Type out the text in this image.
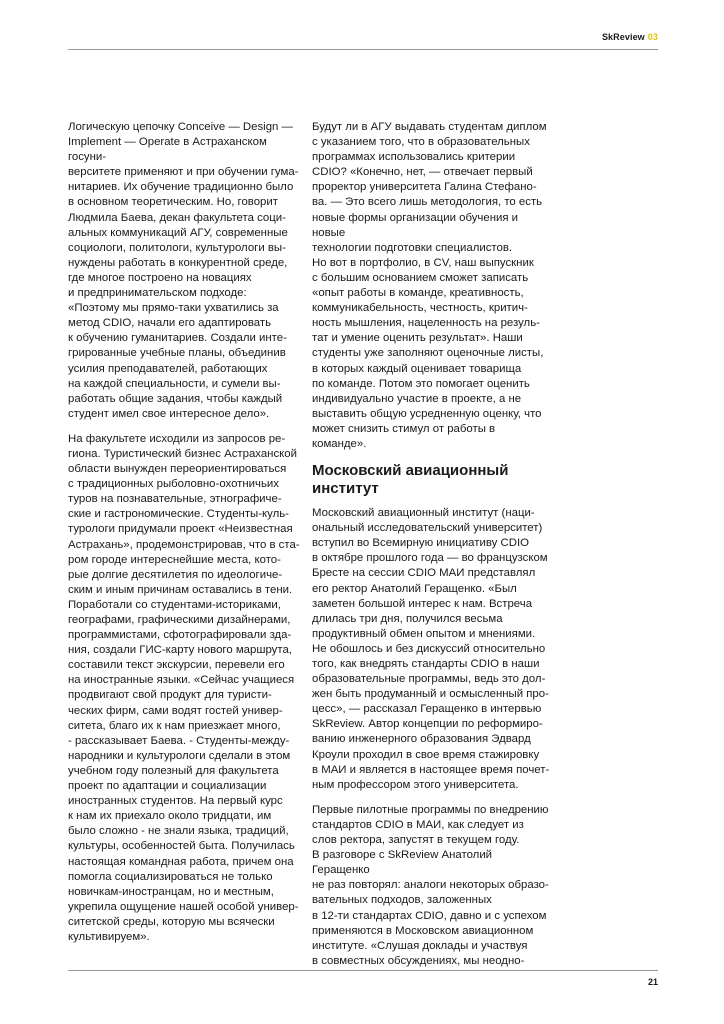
SkReview 03

Логическую цепочку Conceive — Design —
Implement — Operate в Астраханском госуни-
верситете применяют и при обучении гума-
нитариев. Их обучение традиционно было
в основном теоретическим. Но, говорит
Людмила Баева, декан факультета соци-
альных коммуникаций АГУ, современные
социологи, политологи, культурологи вы-
нуждены работать в конкурентной среде,
где многое построено на новациях
и предпринимательском подходе:
«Поэтому мы прямо-таки ухватились за
метод CDIO, начали его адаптировать
к обучению гуманитариев. Создали инте-
грированные учебные планы, объединив
усилия преподавателей, работающих
на каждой специальности, и сумели вы-
работать общие задания, чтобы каждый
студент имел свое интересное дело».

На факультете исходили из запросов ре-
гиона. Туристический бизнес Астраханской
области вынужден переориентироваться
с традиционных рыболовно-охотничьих
туров на познавательные, этнографиче-
ские и гастрономические. Студенты-куль-
турологи придумали проект «Неизвестная
Астрахань», продемонстрировав, что в ста-
ром городе интереснейшие места, кото-
рые долгие десятилетия по идеологиче-
ским и иным причинам оставались в тени.
Поработали со студентами-историками,
географами, графическими дизайнерами,
программистами, сфотографировали зда-
ния, создали ГИС-карту нового маршрута,
составили текст экскурсии, перевели его
на иностранные языки. «Сейчас учащиеся
продвигают свой продукт для туристи-
ческих фирм, сами водят гостей универ-
ситета, благо их к нам приезжает много,
- рассказывает Баева. - Студенты-между-
народники и культурологи сделали в этом
учебном году полезный для факультета
проект по адаптации и социализации
иностранных студентов. На первый курс
к нам их приехало около тридцати, им
было сложно - не знали языка, традиций,
культуры, особенностей быта. Получилась
настоящая командная работа, причем она
помогла социализироваться не только
новичкам-иностранцам, но и местным,
укрепила ощущение нашей особой универ-
ситетской среды, которую мы всячески
культивируем».

Будут ли в АГУ выдавать студентам диплом
с указанием того, что в образовательных
программах использовались критерии
CDIO? «Конечно, нет, — отвечает первый
проректор университета Галина Стефано-
ва. — Это всего лишь методология, то есть
новые формы организации обучения и новые
технологии подготовки специалистов.
Но вот в портфолио, в CV, наш выпускник
с большим основанием сможет записать
«опыт работы в команде, креативность,
коммуникабельность, честность, критич-
ность мышления, нацеленность на резуль-
тат и умение оценить результат». Наши
студенты уже заполняют оценочные листы,
в которых каждый оценивает товарища
по команде. Потом это помогает оценить
индивидуально участие в проекте, а не
выставить общую усредненную оценку, что
может снизить стимул от работы в команде».

Московский авиационный
институт

Московский авиационный институт (наци-
ональный исследовательский университет)
вступил во Всемирную инициативу CDIO
в октябре прошлого года — во французском
Бресте на сессии CDIO МАИ представлял
его ректор Анатолий Геращенко. «Был
заметен большой интерес к нам. Встреча
длилась три дня, получился весьма
продуктивный обмен опытом и мнениями.
Не обошлось и без дискуссий относительно
того, как внедрять стандарты CDIO в наши
образовательные программы, ведь это дол-
жен быть продуманный и осмысленный про-
цесс», — рассказал Геращенко в интервью
SkReview. Автор концепции по реформиро-
ванию инженерного образования Эдвард
Кроули проходил в свое время стажировку
в МАИ и является в настоящее время почет-
ным профессором этого университета.

Первые пилотные программы по внедрению
стандартов CDIO в МАИ, как следует из
слов ректора, запустят в текущем году.
В разговоре с SkReview Анатолий Геращенко
не раз повторял: аналоги некоторых образо-
вательных подходов, заложенных
в 12-ти стандартах CDIO, давно и с успехом
применяются в Московском авиационном
институте. «Слушая доклады и участвуя
в совместных обсуждениях, мы неодно-

21
